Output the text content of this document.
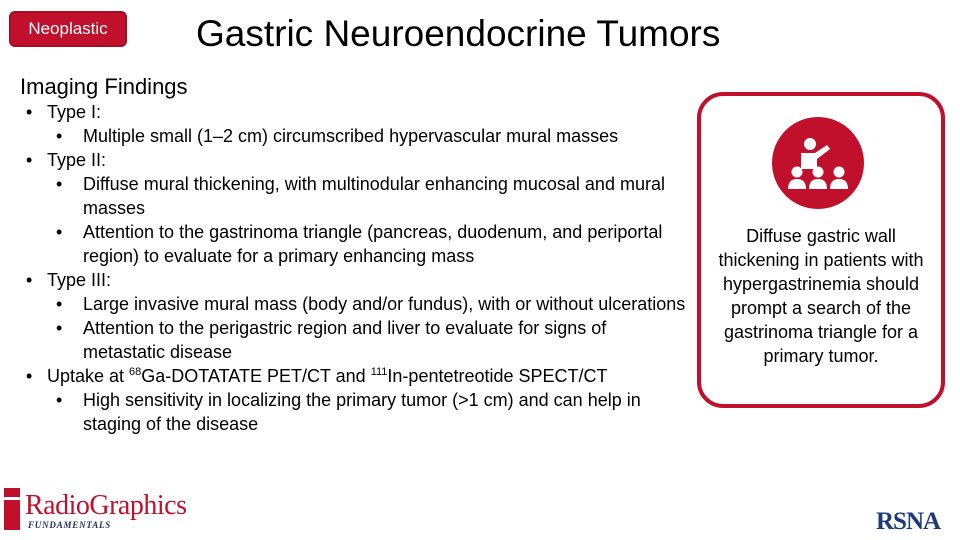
Neoplastic	Gastric Neuroendocrine Tumors
Imaging Findings
• Type I:
• Multiple small (1–2 cm) circumscribed hypervascular mural masses
• Type II:
• Diffuse mural thickening, with multinodular enhancing mucosal and mural masses
• Attention to the gastrinoma triangle (pancreas, duodenum, and periportal region) to evaluate for a primary enhancing mass
• Type III:
• Large invasive mural mass (body and/or fundus), with or without ulcerations
• Attention to the perigastric region and liver to evaluate for signs of metastatic disease
• Uptake at $^{68}$Ga-DOTATATE PET/CT and $^{111}$In-pentetreotide SPECT/CT
• High sensitivity in localizing the primary tumor (>1 cm) and can help in staging of the disease
Diffuse gastric wall thickening in patients with hypergastrinemia should prompt a search of the gastrinoma triangle for a primary tumor.
RadioGraphics
FUNDAMENTALS	RSNA
